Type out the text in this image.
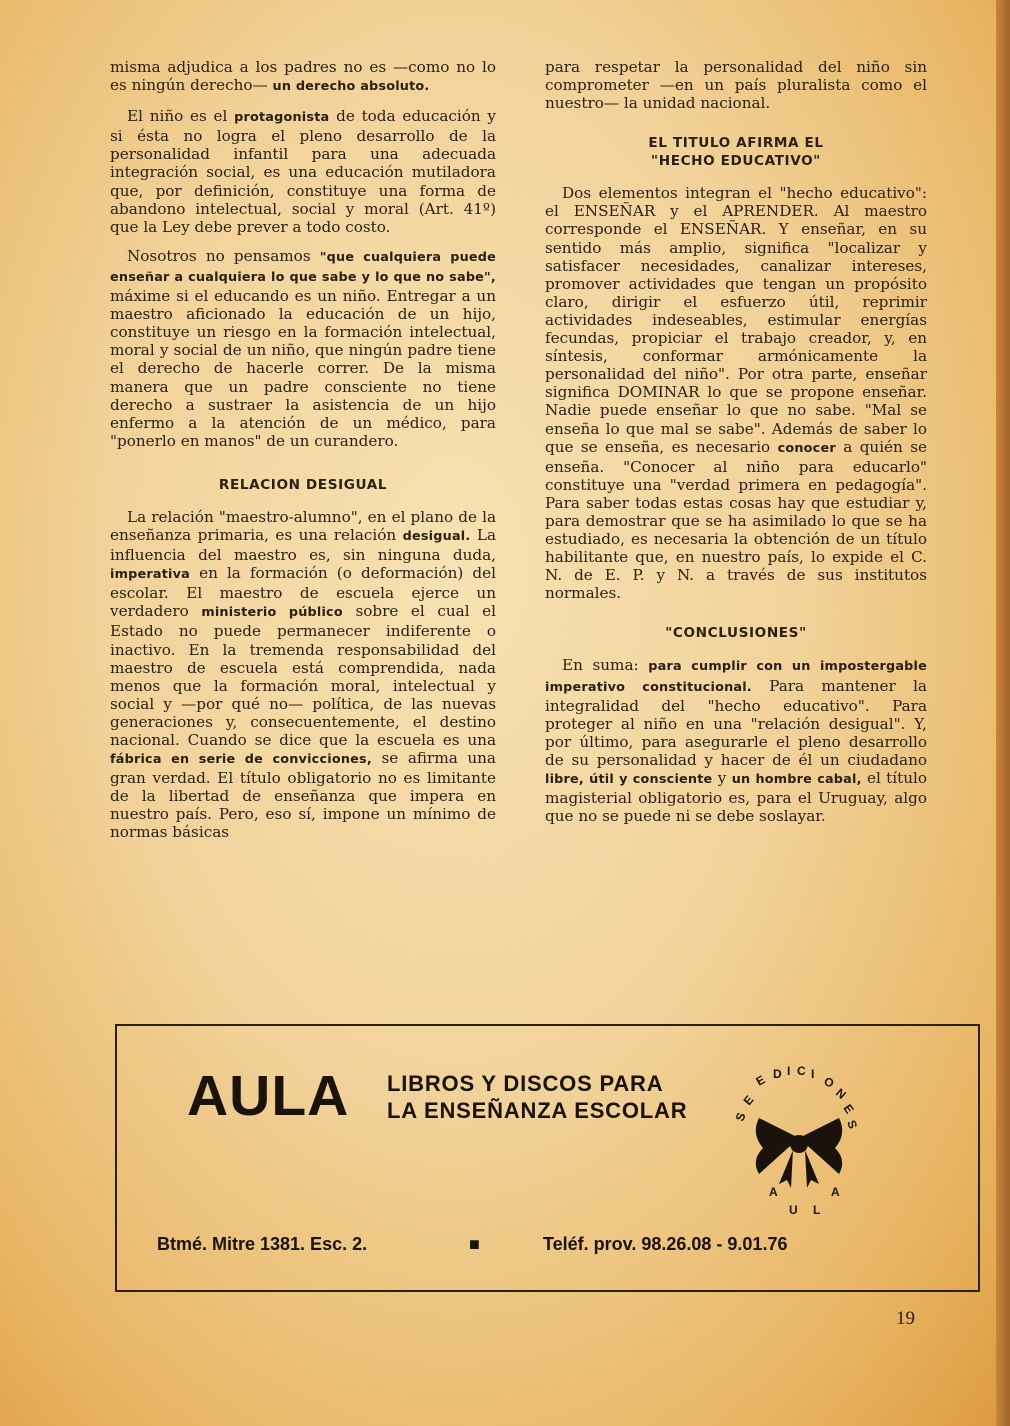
misma adjudica a los padres no es —como no lo es ningún derecho— un derecho absoluto.

El niño es el protagonista de toda educación y si ésta no logra el pleno desarrollo de la personalidad infantil para una adecuada integración social, es una educación mutiladora que, por definición, constituye una forma de abandono intelectual, social y moral (Art. 41º) que la Ley debe prever a todo costo.

Nosotros no pensamos "que cualquiera puede enseñar a cualquiera lo que sabe y lo que no sabe", máxime si el educando es un niño. Entregar a un maestro aficionado la educación de un hijo, constituye un riesgo en la formación intelectual, moral y social de un niño, que ningún padre tiene el derecho de hacerle correr. De la misma manera que un padre consciente no tiene derecho a sustraer la asistencia de un hijo enfermo a la atención de un médico, para "ponerlo en manos" de un curandero.

RELACION DESIGUAL

La relación "maestro-alumno", en el plano de la enseñanza primaria, es una relación desigual. La influencia del maestro es, sin ninguna duda, imperativa en la formación (o deformación) del escolar. El maestro de escuela ejerce un verdadero ministerio público sobre el cual el Estado no puede permanecer indiferente o inactivo. En la tremenda responsabilidad del maestro de escuela está comprendida, nada menos que la formación moral, intelectual y social y —por qué no— política, de las nuevas generaciones y, consecuentemente, el destino nacional. Cuando se dice que la escuela es una fábrica en serie de convicciones, se afirma una gran verdad. El título obligatorio no es limitante de la libertad de enseñanza que impera en nuestro país. Pero, eso sí, impone un mínimo de normas básicas

para respetar la personalidad del niño sin comprometer —en un país pluralista como el nuestro— la unidad nacional.

EL TITULO AFIRMA EL
"HECHO EDUCATIVO"

Dos elementos integran el "hecho educativo": el ENSEÑAR y el APRENDER. Al maestro corresponde el ENSEÑAR. Y enseñar, en su sentido más amplio, significa "localizar y satisfacer necesidades, canalizar intereses, promover actividades que tengan un propósito claro, dirigir el esfuerzo útil, reprimir actividades indeseables, estimular energías fecundas, propiciar el trabajo creador, y, en síntesis, conformar armónicamente la personalidad del niño". Por otra parte, enseñar significa DOMINAR lo que se propone enseñar. Nadie puede enseñar lo que no sabe. "Mal se enseña lo que mal se sabe". Además de saber lo que se enseña, es necesario conocer a quién se enseña. "Conocer al niño para educarlo" constituye una "verdad primera en pedagogía". Para saber todas estas cosas hay que estudiar y, para demostrar que se ha asimilado lo que se ha estudiado, es necesaria la obtención de un título habilitante que, en nuestro país, lo expide el C. N. de E. P. y N. a través de sus institutos normales.

"CONCLUSIONES"

En suma: para cumplir con un impostergable imperativo constitucional. Para mantener la integralidad del "hecho educativo". Para proteger al niño en una "relación desigual". Y, por último, para asegurarle el pleno desarrollo de su personalidad y hacer de él un ciudadano libre, útil y consciente y un hombre cabal, el título magisterial obligatorio es, para el Uruguay, algo que no se puede ni se debe soslayar.

AULA LIBROS Y DISCOS PARA
LA ENSEÑANZA ESCOLAR
E D I C I
O
N
E
S
E
S
A
U L
A
Btmé. Mitre 1381. Esc. 2.	■	Teléf. prov. 98.26.08 - 9.01.76
19
